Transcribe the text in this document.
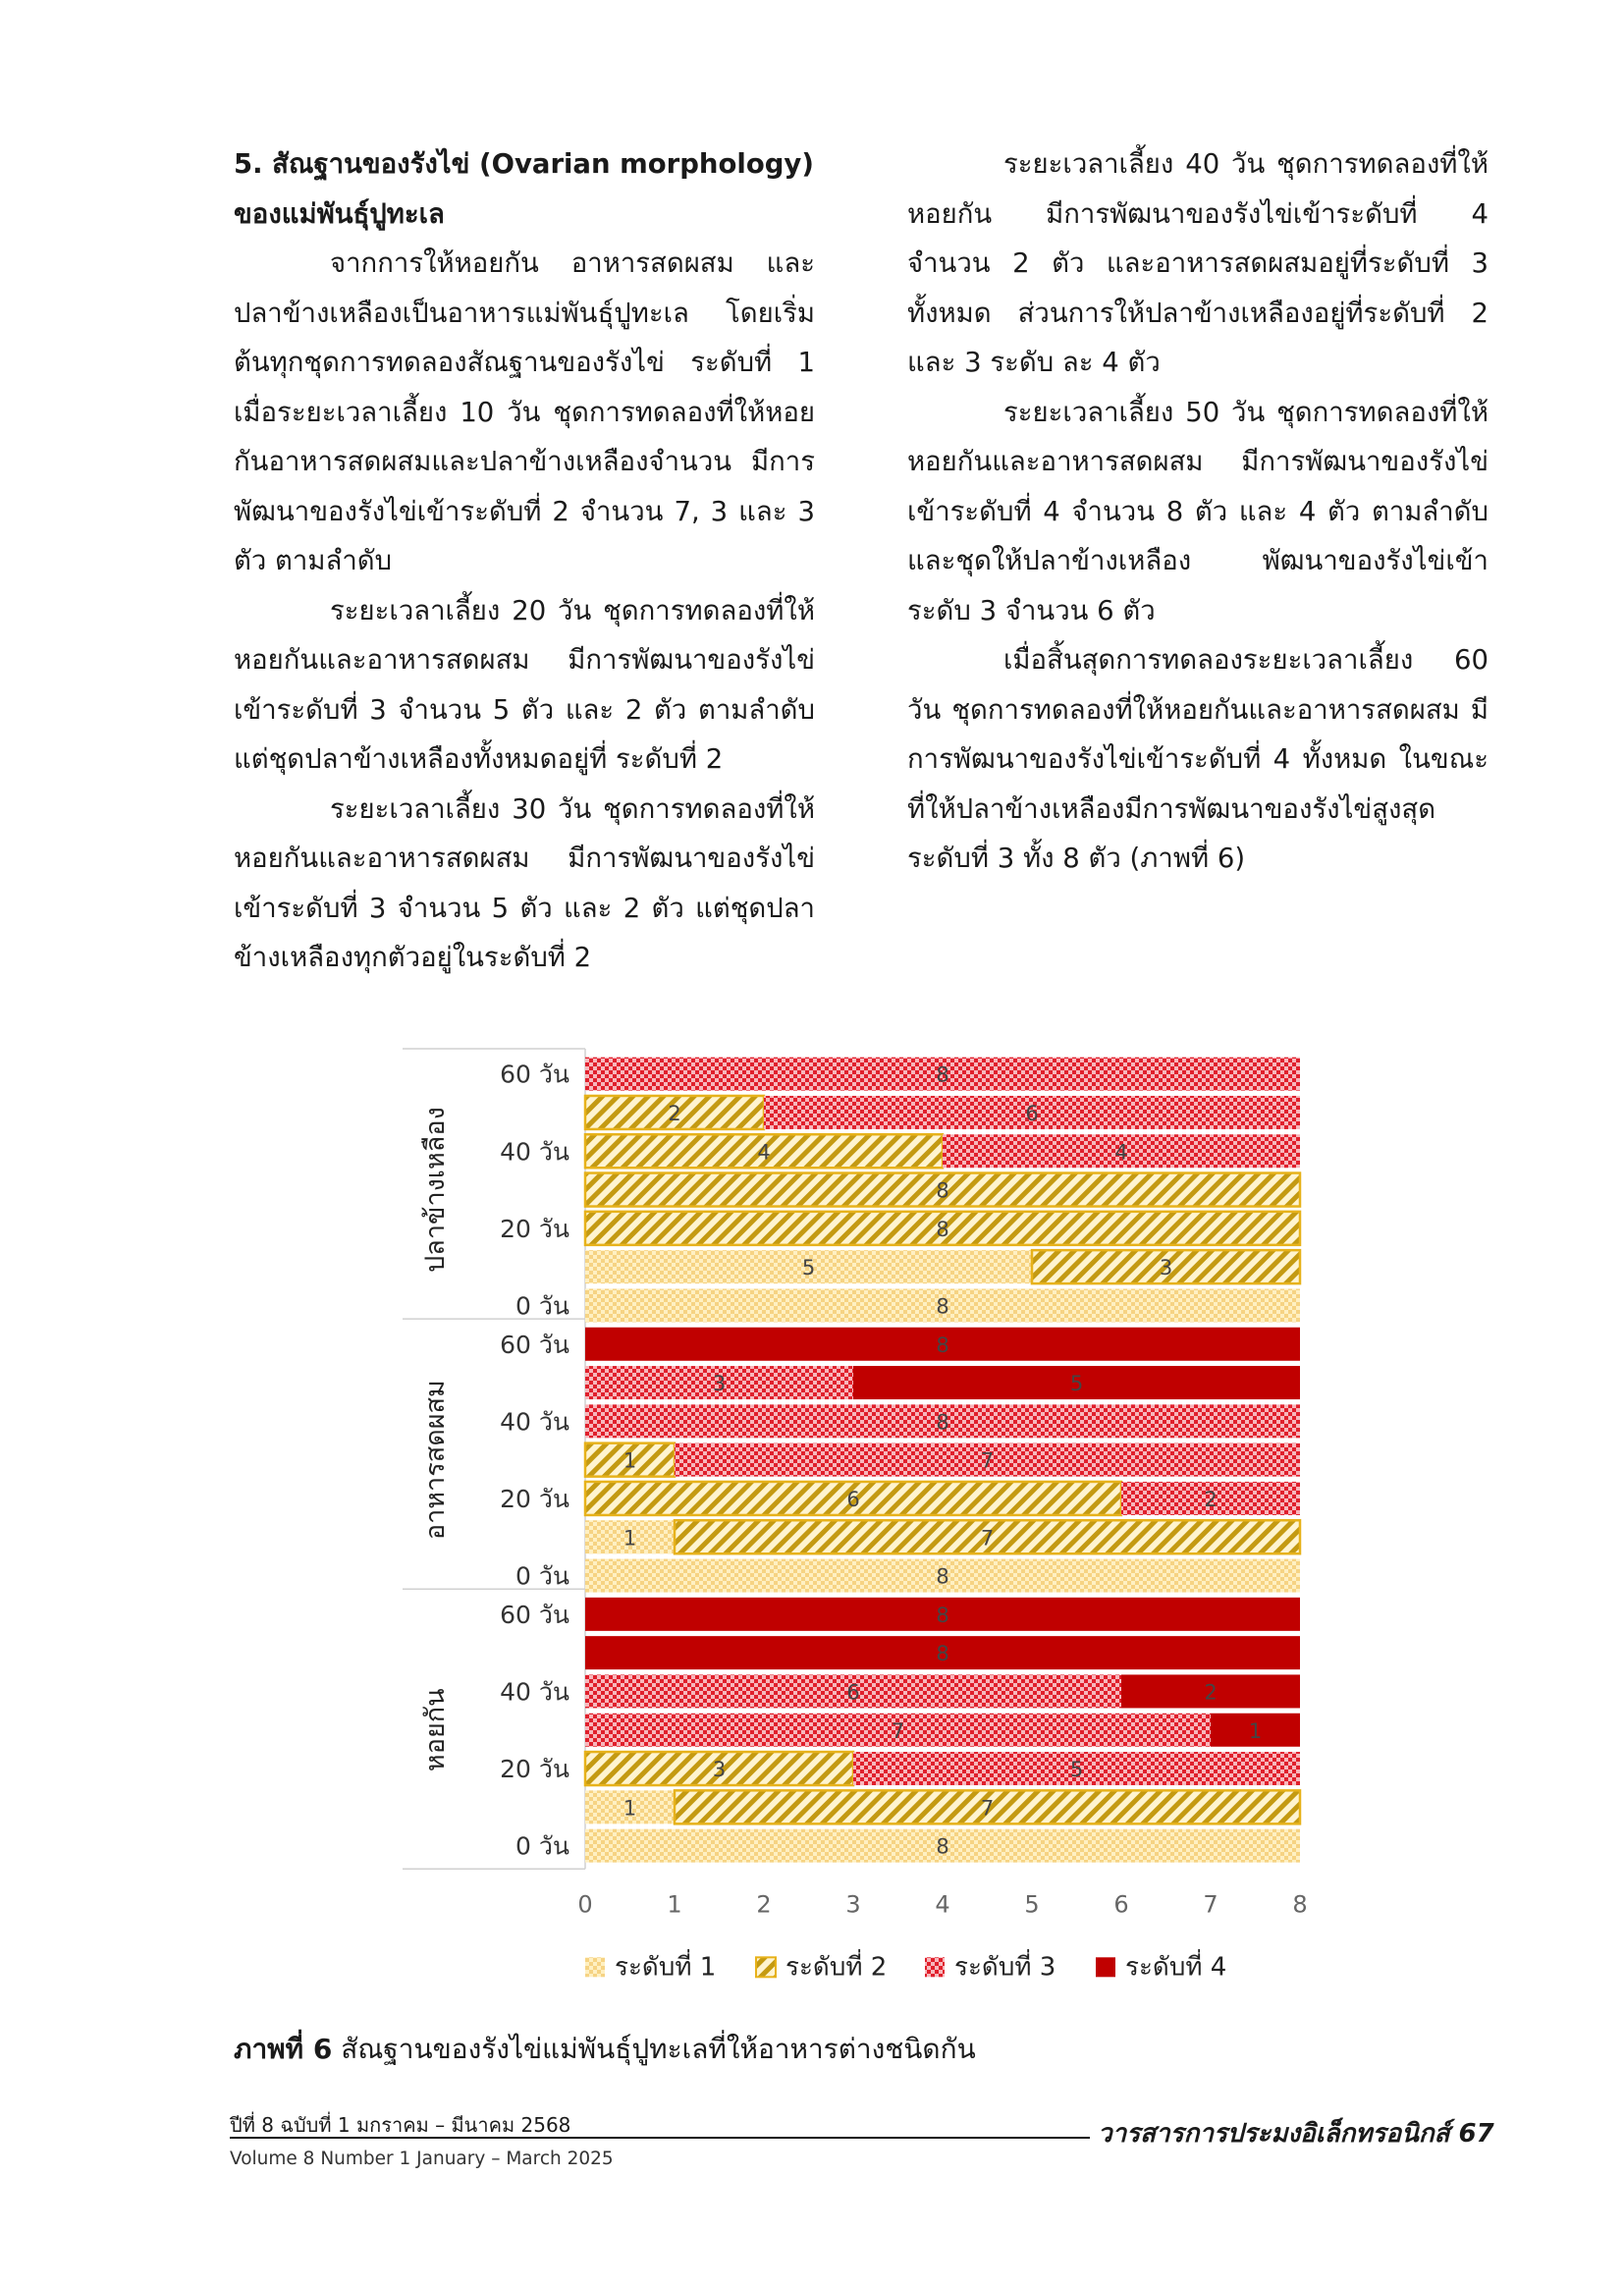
5. สัณฐานของรังไข่ (Ovarian morphology)

ของแม่พันธุ์ปูทะเล

จากการให้หอยกัน อาหารสดผสม และปลาข้างเหลืองเป็นอาหารแม่พันธุ์ปูทะเล โดยเริ่มต้นทุกชุดการทดลองสัณฐานของรังไข่ ระดับที่ 1 เมื่อระยะเวลาเลี้ยง 10 วัน ชุดการทดลองที่ให้หอยกันอาหารสดผสมและปลาข้างเหลืองจำนวน มีการพัฒนาของรังไข่เข้าระดับที่ 2 จำนวน 7, 3 และ 3 ตัว ตามลำดับ

ระยะเวลาเลี้ยง 20 วัน ชุดการทดลองที่ให้หอยกันและอาหารสดผสม มีการพัฒนาของรังไข่เข้าระดับที่ 3 จำนวน 5 ตัว และ 2 ตัว ตามลำดับ แต่ชุดปลาข้างเหลืองทั้งหมดอยู่ที่ ระดับที่ 2

ระยะเวลาเลี้ยง 30 วัน ชุดการทดลองที่ให้หอยกันและอาหารสดผสม มีการพัฒนาของรังไข่เข้าระดับที่ 3 จำนวน 5 ตัว และ 2 ตัว แต่ชุดปลาข้างเหลืองทุกตัวอยู่ในระดับที่ 2

ระยะเวลาเลี้ยง 40 วัน ชุดการทดลองที่ให้หอยกัน มีการพัฒนาของรังไข่เข้าระดับที่ 4 จำนวน 2 ตัว และอาหารสดผสมอยู่ที่ระดับที่ 3 ทั้งหมด ส่วนการให้ปลาข้างเหลืองอยู่ที่ระดับที่ 2 และ 3 ระดับ ละ 4 ตัว

ระยะเวลาเลี้ยง 50 วัน ชุดการทดลองที่ให้หอยกันและอาหารสดผสม มีการพัฒนาของรังไข่เข้าระดับที่ 4 จำนวน 8 ตัว และ 4 ตัว ตามลำดับ และชุดให้ปลาข้างเหลือง พัฒนาของรังไข่เข้าระดับ 3 จำนวน 6 ตัว

เมื่อสิ้นสุดการทดลองระยะเวลาเลี้ยง 60 วัน ชุดการทดลองที่ให้หอยกันและอาหารสดผสม มีการพัฒนาของรังไข่เข้าระดับที่ 4 ทั้งหมด ในขณะที่ให้ปลาข้างเหลืองมีการพัฒนาของรังไข่สูงสุด ระดับที่ 3 ทั้ง 8 ตัว (ภาพที่ 6)

ปลาข้างเหลือง
60 วัน	8
2	6
40 วัน	4	4
8
20 วัน	8
5	3
0 วัน	8
อาหารสดผสม
60 วัน	8
3	5
40 วัน	8
1	7
20 วัน	6	2
1	7
0 วัน	8
หอยกัน
60 วัน	8
8
40 วัน	6	2
7	1
20 วัน	3	5
1	7
0 วัน	8
0	1	2	3	4	5	6	7	8
ระดับที่ 1	ระดับที่ 2	ระดับที่ 3	ระดับที่ 4
ภาพที่ 6 สัณฐานของรังไข่แม่พันธุ์ปูทะเลที่ให้อาหารต่างชนิดกัน
ปีที่ 8 ฉบับที่ 1 มกราคม – มีนาคม 2568	วารสารการประมงอิเล็กทรอนิกส์ 67
Volume 8 Number 1 January – March 2025
